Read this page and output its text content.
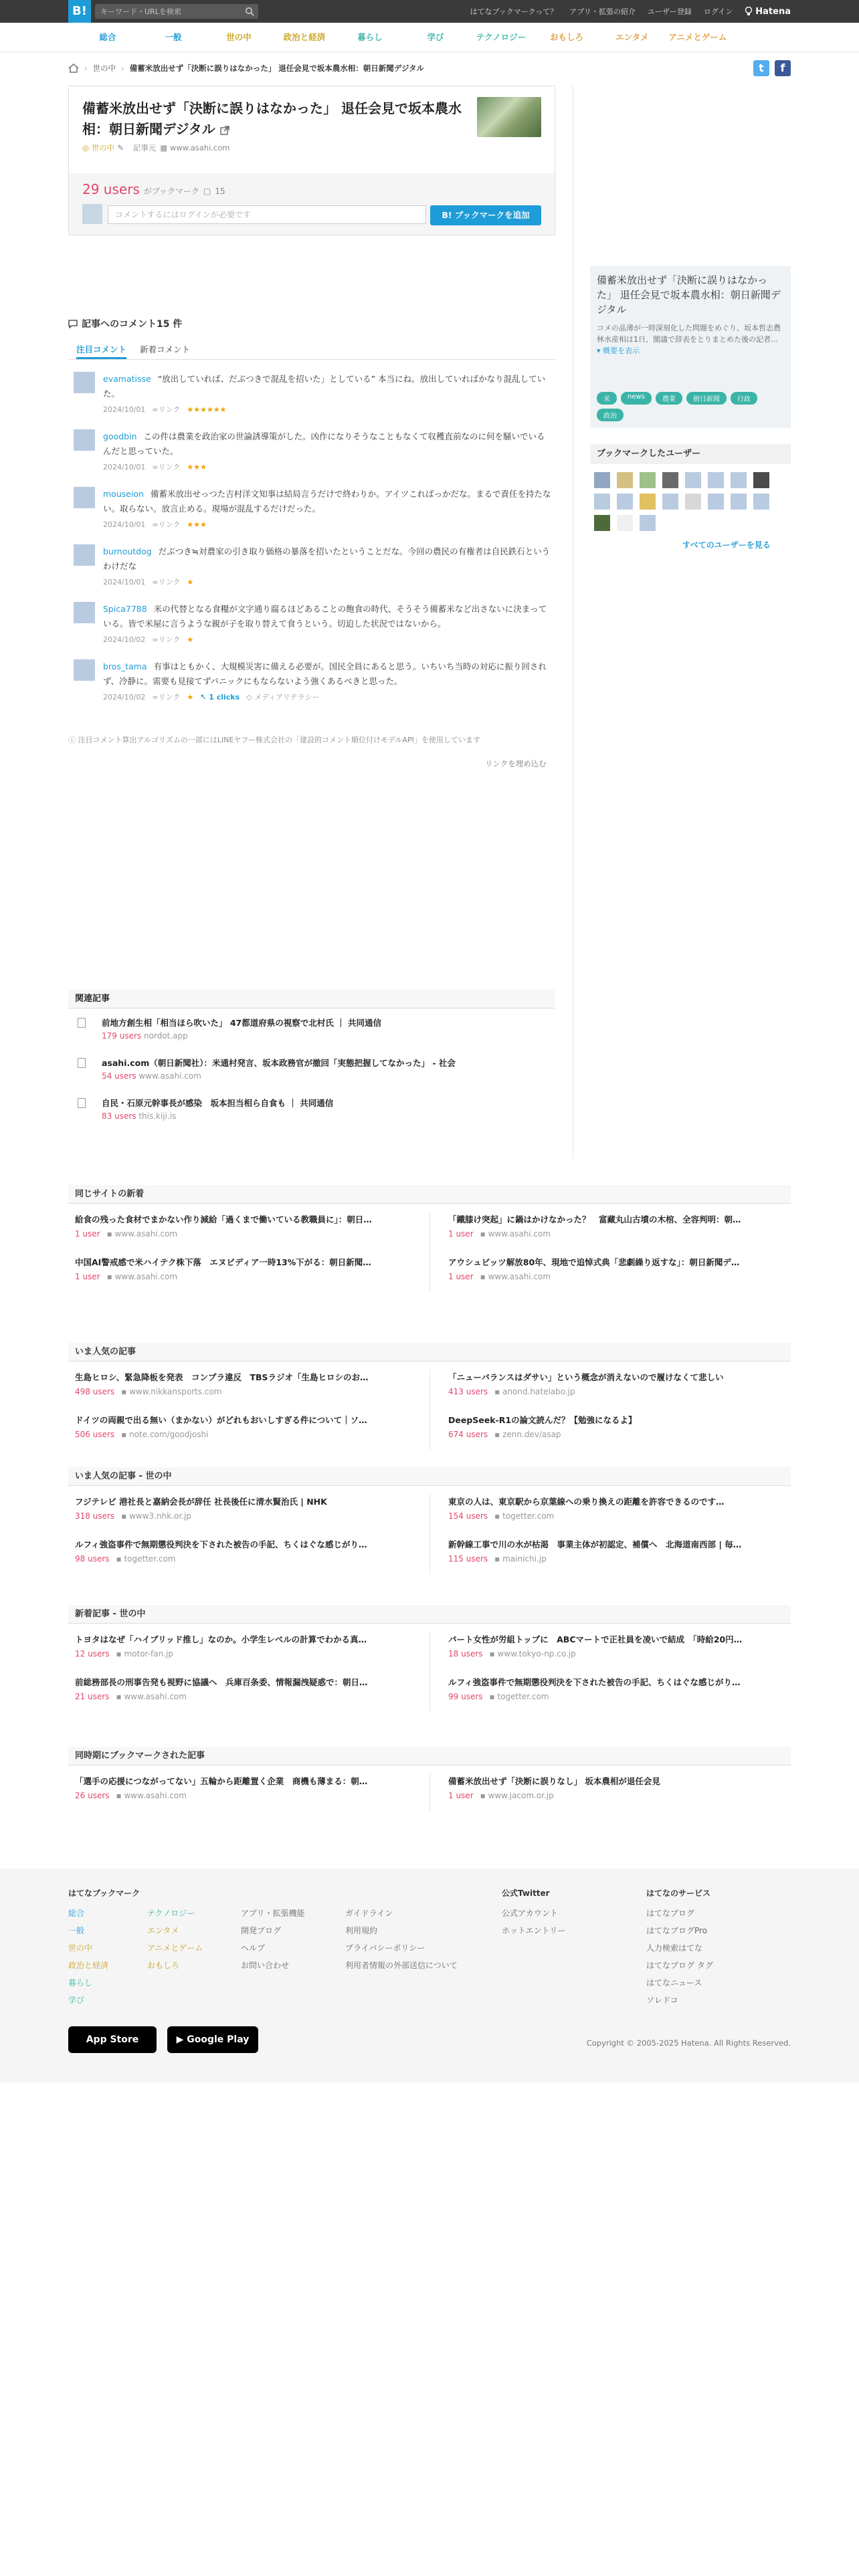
B!
キーワード・URLを検索	はてなブックマークって？ アプリ・拡張の紹介 ユーザー登録 ログイン	Hatena
総合	一般	世の中	政治と経済	暮らし	学び	テクノロジー	おもしろ	エンタメ	アニメとゲーム
› 世の中 › 備蓄米放出せず「決断に誤りはなかった」 退任会見で坂本農水相：朝日新聞デジタル	t	f
備蓄米放出せず「決断に誤りはなかった」 退任会見で坂本農水相：朝日新聞デジタル
◎ 世の中 ✎ 記事元 ▦ www.asahi.com
29 users がブックマーク ▢ 15
コメントするにはログインが必要です
B! ブックマークを追加
記事へのコメント15 件
注目コメント 新着コメント
evamatisse “放出していれば、だぶつきで混乱を招いた」としている” 本当にね。放出していればかなり混乱していた。
2024/10/01 ∞リンク ★★★★★★
goodbin この件は農業を政治家の世論誘導策がした。凶作になりそうなこともなくて収穫直前なのに何を騒いでいるんだと思っていた。
2024/10/01 ∞リンク ★★★
mouseion 備蓄米放出せっつた吉村洋文知事は結局言うだけで終わりか。アイツこればっかだな。まるで責任を持たない。取らない。放言止める。現場が混乱するだけだった。
2024/10/01 ∞リンク ★★★
burnoutdog だぶつき≒対農家の引き取り価格の暴落を招いたということだな。今回の農民の有権者は自民鉄石というわけだな
2024/10/01 ∞リンク ★
Spica7788 米の代替となる食糧が文字通り腐るほどあることの飽食の時代、そうそう備蓄米など出さないに決まっている。皆で米屋に言うような親が子を取り替えて食うという。切迫した状況ではないから。
2024/10/02 ∞リンク ★
bros_tama 有事はともかく、大規模災害に備える必要が。国民全員にあると思う。いちいち当時の対応に振り回されず、冷静に。需要も見接てずパニックにもならないよう強くあるべきと思った。
2024/10/02 ∞リンク ★ ↖ 1 clicks ◇ メディアリテラシー
ⓘ 注目コメント算出アルゴリズムの一部にはLINEヤフー株式会社の「建設的コメント順位付けモデルAPI」を使用しています
リンクを埋め込む
関連記事
前地方創生相「相当ほら吹いた」 47都道府県の視察で北村氏 ｜ 共同通信
179 users nordot.app
asahi.com（朝日新聞社）：米通村発言、坂本政務官が撤回「実態把握してなかった」 - 社会
54 users www.asahi.com
自民・石原元幹事長が感染　坂本担当相ら自食も ｜ 共同通信
83 users this.kiji.is
備蓄米放出せず「決断に誤りはなかった」 退任会見で坂本農水相：朝日新聞デジタル
コメの品薄が一時深刻化した問題をめぐり、坂本哲志農林水産相は1日、閣議で辞表をとりまとめた後の記者… ▾ 概要を表示
米	news	農業	朝日新聞	行政
政治
ブックマークしたユーザー
すべてのユーザーを見る
同じサイトの新着
給食の残った食材でまかない作り減給「過くまで働いている教職員に」：朝日…
1 user ▪ www.asahi.com
「鐵膝け突起」に鍋はかけなかった？　富藏丸山古墳の木棺、全容判明：朝…
1 user ▪ www.asahi.com
中国AI警戒感で米ハイテク株下落　エヌビディア一時13%下がる：朝日新聞…
1 user ▪ www.asahi.com
アウシュビッツ解放80年、現地で追悼式典「悲劇繰り返すな」：朝日新聞デ…
1 user ▪ www.asahi.com
いま人気の記事
生島ヒロシ、緊急降板を発表　コンプラ違反　TBSラジオ「生島ヒロシのお…
498 users ▪ www.nikkansports.com
「ニューバランスはダサい」という概念が消えないので履けなくて悲しい
413 users ▪ anond.hatelabo.jp
ドイツの両親で出る無い（まかない）がどれもおいしすぎる件について｜ソ…
506 users ▪ note.com/goodjoshi
DeepSeek-R1の論文読んだ？【勉強になるよ】
674 users ▪ zenn.dev/asap
いま人気の記事 - 世の中
フジテレビ 港社長と嘉納会長が辞任 社長後任に清水賢治氏 | NHK
318 users ▪ www3.nhk.or.jp
東京の人は、東京駅から京葉線への乗り換えの距離を許容できるのです…
154 users ▪ togetter.com
ルフィ強盗事件で無期懲役判決を下された被告の手記、ちくはぐな感じがり…
98 users ▪ togetter.com
新幹線工事で川の水が枯渇　事業主体が初認定、補償へ　北海道南西部 | 毎…
115 users ▪ mainichi.jp
新着記事 - 世の中
トヨタはなぜ「ハイブリッド推し」なのか。小学生レベルの計算でわかる真…
12 users ▪ motor-fan.jp
パート女性が労組トップに　ABCマートで正社員を凌いで結成　「時給20円…
18 users ▪ www.tokyo-np.co.jp
前総務部長の刑事告発も視野に協議へ　兵庫百条委、情報漏洩疑惑で：朝日…
21 users ▪ www.asahi.com
ルフィ強盗事件で無期懲役判決を下された被告の手記、ちくはぐな感じがり…
99 users ▪ togetter.com
同時期にブックマークされた記事
「選手の応援につながってない」五輪から距離置く企業　商機も薄まる：朝…
26 users ▪ www.asahi.com
備蓄米放出せず「決断に誤りなし」 坂本農相が退任会見
1 user ▪ www.jacom.or.jp
はてなブックマーク
総合
一般
世の中
政治と経済
暮らし
学び
テクノロジー
エンタメ
アニメとゲーム
おもしろ
アプリ・拡張機能
開発ブログ
ヘルプ
お問い合わせ
ガイドライン
利用規約
プライバシーポリシー
利用者情報の外部送信について
公式Twitter
公式アカウント
ホットエントリー
はてなのサービス
はてなブログ
はてなブログPro
人力検索はてな
はてなブログ タグ
はてなニュース
ソレドコ
App Store	▶ Google Play	Copyright © 2005-2025 Hatena. All Rights Reserved.
